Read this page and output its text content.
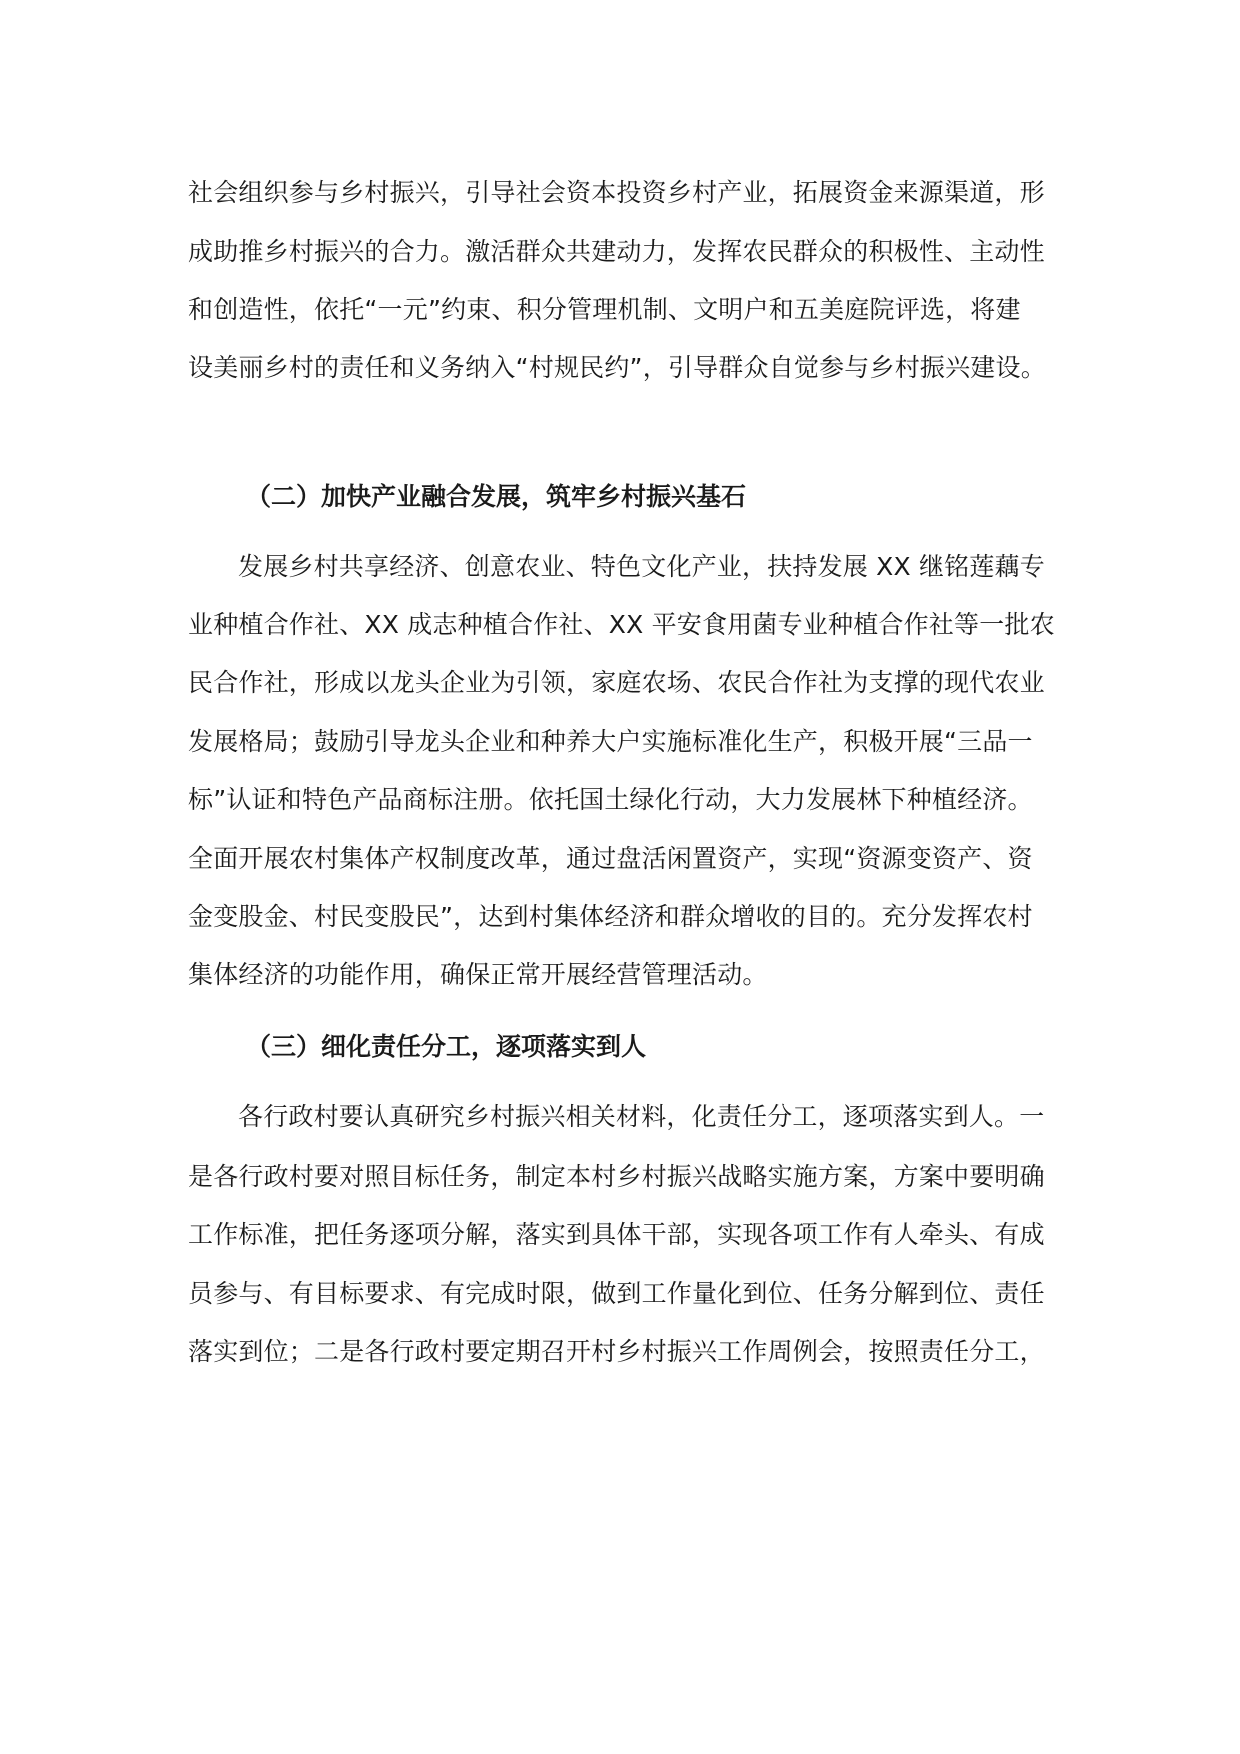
社会组织参与乡村振兴，引导社会资本投资乡村产业，拓展资金来源渠道，形
成助推乡村振兴的合力。激活群众共建动力，发挥农民群众的积极性、主动性
和创造性，依托“一元”约束、积分管理机制、文明户和五美庭院评选，将建
设美丽乡村的责任和义务纳入“村规民约”，引导群众自觉参与乡村振兴建设。
（二）加快产业融合发展，筑牢乡村振兴基石
发展乡村共享经济、创意农业、特色文化产业，扶持发展 XX 继铭莲藕专
业种植合作社、XX 成志种植合作社、XX 平安食用菌专业种植合作社等一批农
民合作社，形成以龙头企业为引领，家庭农场、农民合作社为支撑的现代农业
发展格局；鼓励引导龙头企业和种养大户实施标准化生产，积极开展“三品一
标”认证和特色产品商标注册。依托国土绿化行动，大力发展林下种植经济。
全面开展农村集体产权制度改革，通过盘活闲置资产，实现“资源变资产、资
金变股金、村民变股民”，达到村集体经济和群众增收的目的。充分发挥农村
集体经济的功能作用，确保正常开展经营管理活动。
（三）细化责任分工，逐项落实到人
各行政村要认真研究乡村振兴相关材料，化责任分工，逐项落实到人。一
是各行政村要对照目标任务，制定本村乡村振兴战略实施方案，方案中要明确
工作标准，把任务逐项分解，落实到具体干部，实现各项工作有人牵头、有成
员参与、有目标要求、有完成时限，做到工作量化到位、任务分解到位、责任
落实到位；二是各行政村要定期召开村乡村振兴工作周例会，按照责任分工，
